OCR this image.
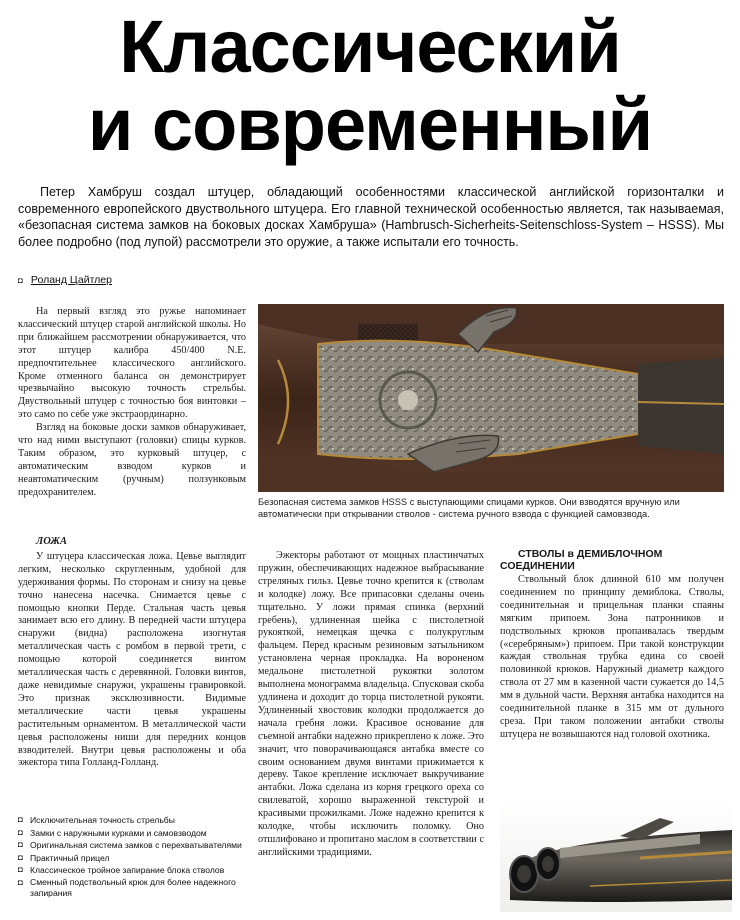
Классический
и современный
Петер Хамбруш создал штуцер, обладающий особенностями классической английской горизонталки и современного европейского двуствольного штуцера. Его главной технической особенностью является, так называемая, «безопасная система замков на боковых досках Хамбруша» (Hambrusch-Sicherheits-Seitenschloss-System – HSSS). Мы более подробно (под лупой) рассмотрели это оружие, а также испытали его точность.
◘ Роланд Цайтлер

На первый взгляд это ружье напоминает классический штуцер старой английской школы. Но при ближайшем рассмотрении обнаруживается, что этот штуцер калибра 450/400 N.E. предпочтительнее классического английского. Кроме отменного баланса он демонстрирует чрезвычайно высокую точность стрельбы. Двуствольный штуцер с точностью боя винтовки – это само по себе уже экстраординарно.

Взгляд на боковые доски замков обнаруживает, что над ними выступают (головки) спицы курков. Таким образом, это курковый штуцер, с автоматическим взводом курков и неавтоматическим (ручным) ползунковым предохранителем.

Безопасная система замков HSSS с выступающими спицами курков. Они взводятся вручную или автоматически при открывании стволов - система ручного взвода с функцией самовзвода.
ЛОЖА

У штуцера классическая ложа. Цевье выглядит легким, несколько скругленным, удобной для удерживания формы. По сторонам и снизу на цевье точно нанесена насечка. Снимается цевье с помощью кнопки Перде. Стальная часть цевья занимает всю его длину. В передней части штуцера снаружи (видна) расположена изогнутая металлическая часть с ромбом в первой трети, с помощью которой соединяется винтом металлическая часть с деревянной. Головки винтов, даже невидимые снаружи, украшены гравировкой. Это признак эксклюзивности. Видимые металлические части цевья украшены растительным орнаментом. В металлической части цевья расположены ниши для передних концов взводителей. Внутри цевья расположены и оба эжектора типа Голланд-Голланд.

◘ Исключительная точность стрельбы
◘ Замки с наружными курками и самовзводом
◘ Оригинальная система замков с перехватывателями
◘ Практичный прицел
◘ Классическое тройное запирание блока стволов
◘ Сменный подствольный крюк для более надежного запирания

Эжекторы работают от мощных пластинчатых пружин, обеспечивающих надежное выбрасывание стреляных гильз. Цевье точно крепится к (стволам и колодке) ложу. Все припасовки сделаны очень тщательно. У ложи прямая спинка (верхний гребень), удлиненная шейка с пистолетной рукояткой, немецкая щечка с полукруглым фальцем. Перед красным резиновым затыльником установлена черная прокладка. На вороненом медальоне пистолетной рукоятки золотом выполнена монограмма владельца. Спусковая скоба удлинена и доходит до торца пистолетной рукояти. Удлиненный хвостовик колодки продолжается до начала гребня ложи. Красивое основание для съемной антабки надежно прикреплено к ложе. Это значит, что поворачивающаяся антабка вместе со своим основанием двумя винтами прижимается к дереву. Такое крепление исключает выкручивание антабки. Ложа сделана из корня грецкого ореха со свилеватой, хорошо выраженной текстурой и красивыми прожилками. Ложе надежно крепится к колодке, чтобы исключить поломку. Оно отшлифовано и пропитано маслом в соответствии с английскими традициями.

СТВОЛЫ в ДЕМИБЛОЧНОМ
СОЕДИНЕНИИ

Ствольный блок длинной 610 мм получен соединением по принципу демиблока. Стволы, соединительная и прицельная планки спаяны мягким припоем. Зона патронников и подствольных крюков пропаивалась твердым («серебряным») припоем. При такой конструкции каждая ствольная трубка едина со своей половинкой крюков. Наружный диаметр каждого ствола от 27 мм в казенной части сужается до 14,5 мм в дульной части. Верхняя антабка находится на соединительной планке в 315 мм от дульного среза. При таком положении антабки стволы штуцера не возвышаются над головой охотника.
